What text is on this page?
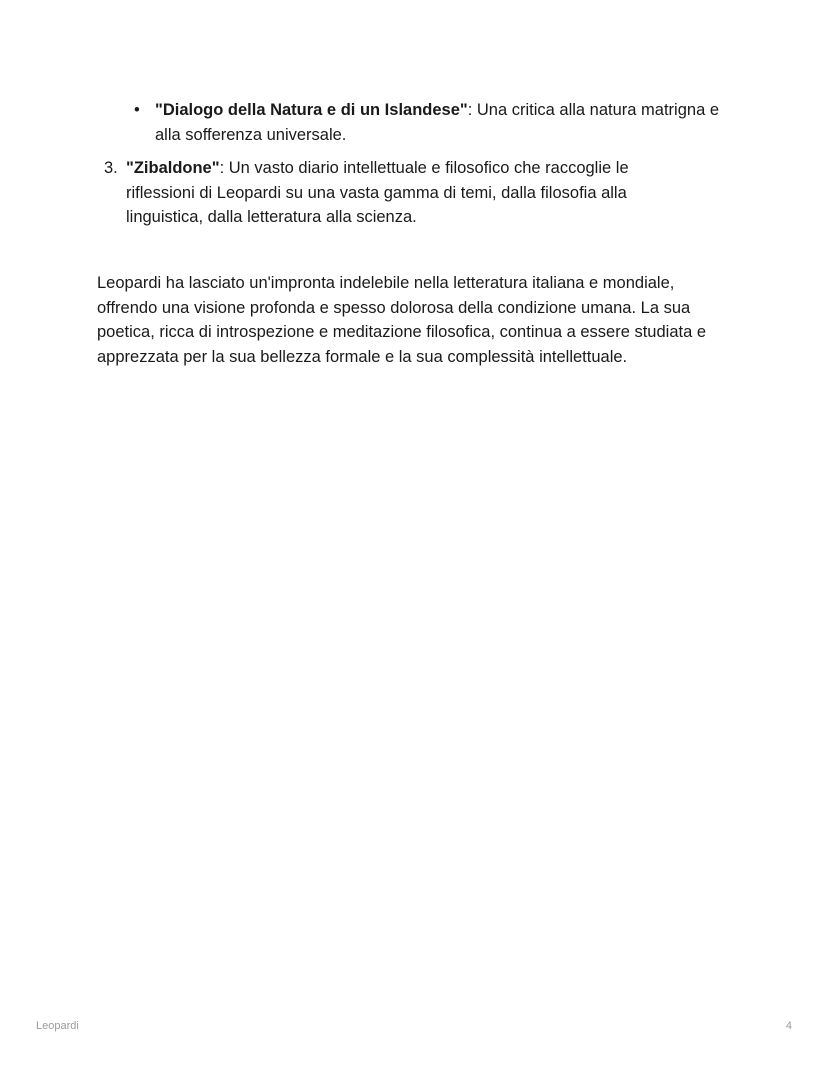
• "Dialogo della Natura e di un Islandese": Una critica alla natura matrigna e alla sofferenza universale.
3. "Zibaldone": Un vasto diario intellettuale e filosofico che raccoglie le riflessioni di Leopardi su una vasta gamma di temi, dalla filosofia alla linguistica, dalla letteratura alla scienza.

Leopardi ha lasciato un'impronta indelebile nella letteratura italiana e mondiale, offrendo una visione profonda e spesso dolorosa della condizione umana. La sua poetica, ricca di introspezione e meditazione filosofica, continua a essere studiata e apprezzata per la sua bellezza formale e la sua complessità intellettuale.

Leopardi	4
